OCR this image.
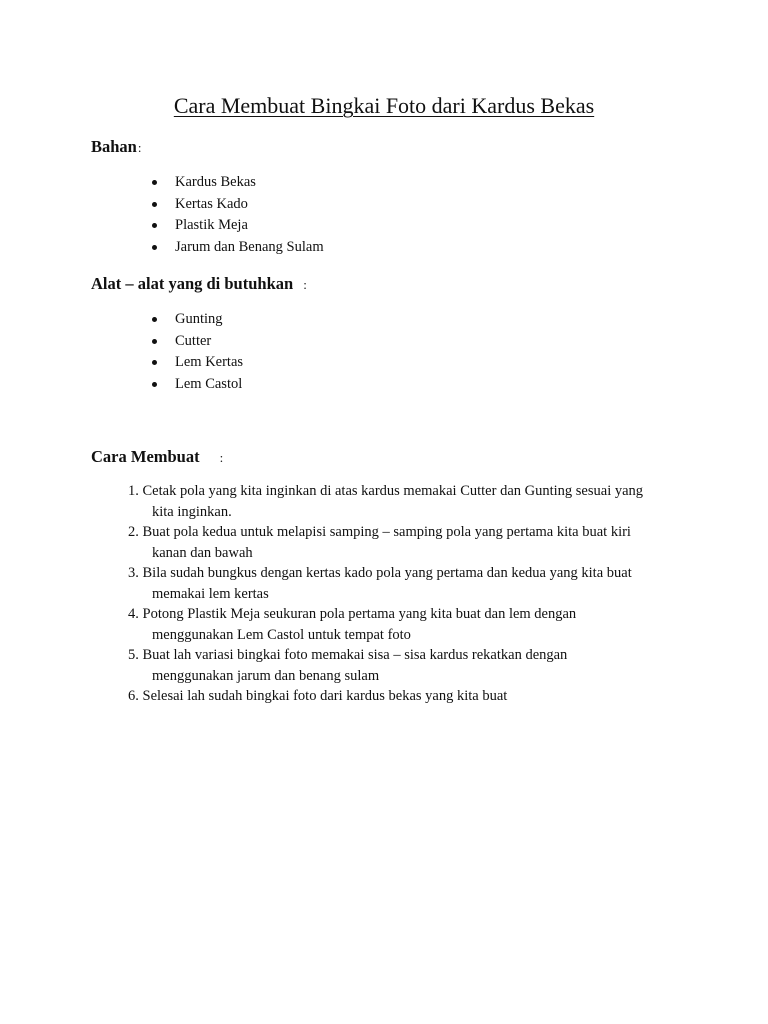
Cara Membuat Bingkai Foto dari Kardus Bekas
Bahan:
Kardus Bekas
Kertas Kado
Plastik Meja
Jarum dan Benang Sulam
Alat – alat yang di butuhkan :
Gunting
Cutter
Lem Kertas
Lem Castol
Cara Membuat :
1. Cetak pola yang kita inginkan di atas kardus memakai Cutter dan Gunting sesuai yang
kita inginkan.
2. Buat pola kedua untuk melapisi samping – samping pola yang pertama kita buat kiri
kanan dan bawah
3. Bila sudah bungkus dengan kertas kado pola yang pertama dan kedua yang kita buat
memakai lem kertas
4. Potong Plastik Meja seukuran pola pertama yang kita buat dan lem dengan
menggunakan Lem Castol untuk tempat foto
5. Buat lah variasi bingkai foto memakai sisa – sisa kardus rekatkan dengan
menggunakan jarum dan benang sulam
6. Selesai lah sudah bingkai foto dari kardus bekas yang kita buat
